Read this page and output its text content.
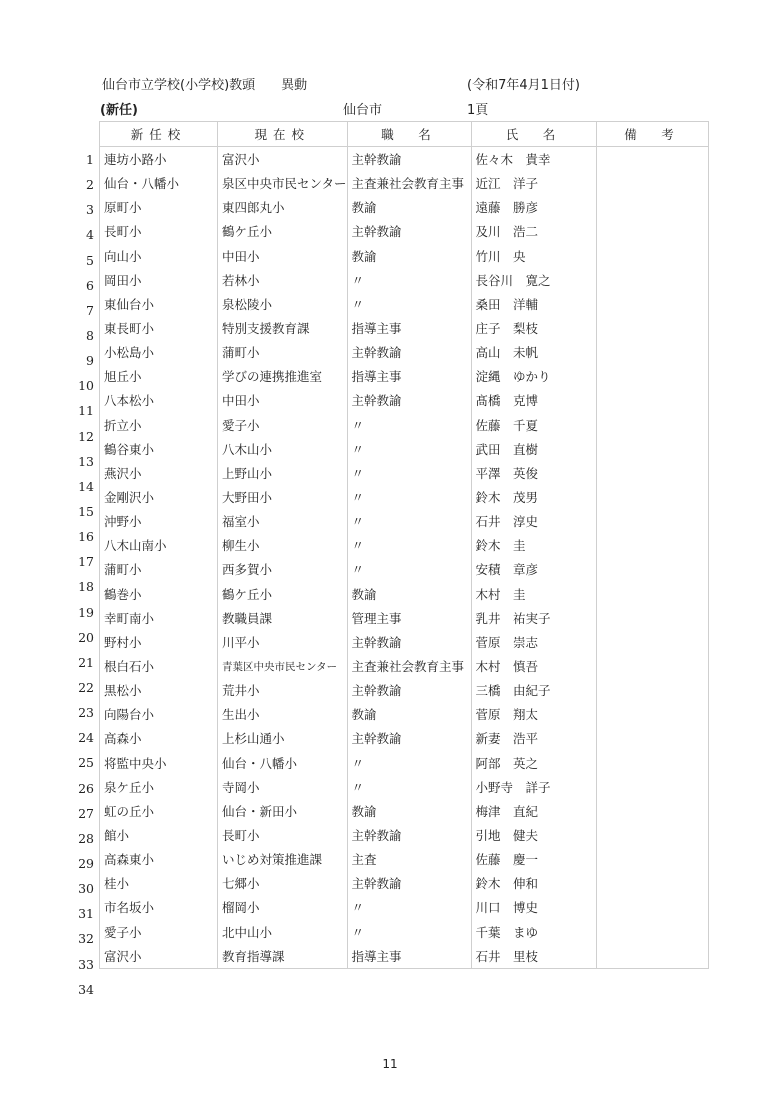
仙台市立学校(小学校)教頭 異動	(令和7年4月1日付)
(新任)	仙台市	1頁
1
2
3
4
5
6
7
8
9
10
11
12
13
14
15
16
17
18
19
20
21
22
23
24
25
26
27
28
29
30
31
32
33
34
新任校	現在校	職　名	氏　名	備　考
連坊小路小	富沢小	主幹教諭	佐々木　貴幸	
仙台・八幡小	泉区中央市民センター	主査兼社会教育主事	近江　洋子	
原町小	東四郎丸小	教諭	遠藤　勝彦	
長町小	鶴ケ丘小	主幹教諭	及川　浩二	
向山小	中田小	教諭	竹川　央	
岡田小	若林小	〃	長谷川　寛之	
東仙台小	泉松陵小	〃	桑田　洋輔	
東長町小	特別支援教育課	指導主事	庄子　梨枝	
小松島小	蒲町小	主幹教諭	高山　未帆	
旭丘小	学びの連携推進室	指導主事	淀縄　ゆかり	
八本松小	中田小	主幹教諭	髙橋　克博	
折立小	愛子小	〃	佐藤　千夏	
鶴谷東小	八木山小	〃	武田　直樹	
燕沢小	上野山小	〃	平澤　英俊	
金剛沢小	大野田小	〃	鈴木　茂男	
沖野小	福室小	〃	石井　淳史	
八木山南小	柳生小	〃	鈴木　圭	
蒲町小	西多賀小	〃	安積　章彦	
鶴巻小	鶴ケ丘小	教諭	木村　圭	
幸町南小	教職員課	管理主事	乳井　祐実子	
野村小	川平小	主幹教諭	菅原　崇志	
根白石小	青葉区中央市民センター	主査兼社会教育主事	木村　慎吾	
黒松小	荒井小	主幹教諭	三橋　由紀子	
向陽台小	生出小	教諭	菅原　翔太	
高森小	上杉山通小	主幹教諭	新妻　浩平	
将監中央小	仙台・八幡小	〃	阿部　英之	
泉ケ丘小	寺岡小	〃	小野寺　詳子	
虹の丘小	仙台・新田小	教諭	梅津　直紀	
館小	長町小	主幹教諭	引地　健夫	
高森東小	いじめ対策推進課	主査	佐藤　慶一	
桂小	七郷小	主幹教諭	鈴木　伸和	
市名坂小	榴岡小	〃	川口　博史	
愛子小	北中山小	〃	千葉　まゆ	
富沢小	教育指導課	指導主事	石井　里枝	
11
